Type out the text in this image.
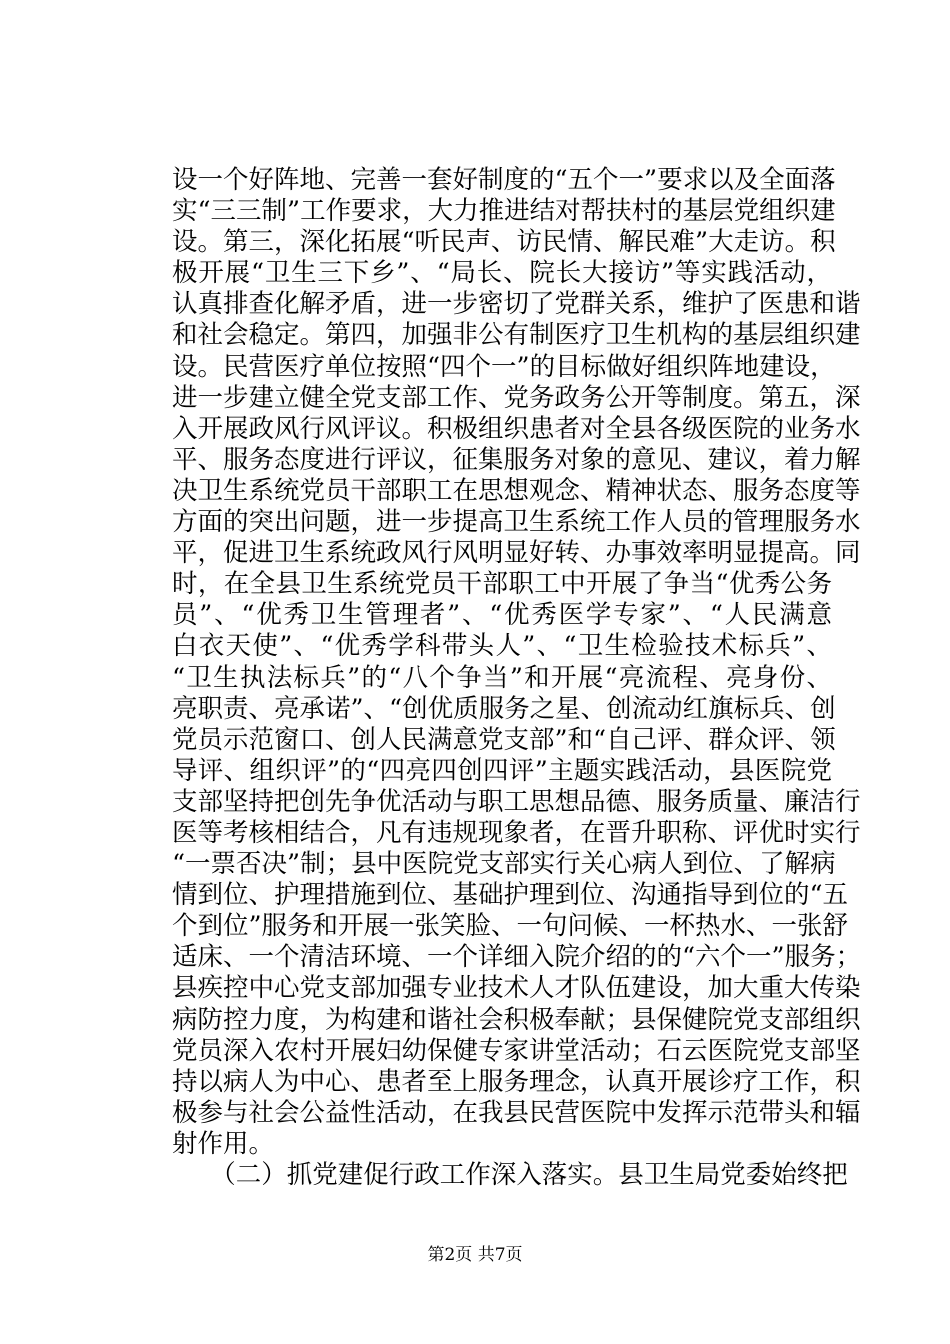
设一个好阵地、完善一套好制度的“五个一”要求以及全面落
实“三三制”工作要求，大力推进结对帮扶村的基层党组织建
设。第三，深化拓展“听民声、访民情、解民难”大走访。积
极开展“卫生三下乡”、“局长、院长大接访”等实践活动，
认真排查化解矛盾，进一步密切了党群关系，维护了医患和谐
和社会稳定。第四，加强非公有制医疗卫生机构的基层组织建
设。民营医疗单位按照“四个一”的目标做好组织阵地建设，
进一步建立健全党支部工作、党务政务公开等制度。第五，深
入开展政风行风评议。积极组织患者对全县各级医院的业务水
平、服务态度进行评议，征集服务对象的意见、建议，着力解
决卫生系统党员干部职工在思想观念、精神状态、服务态度等
方面的突出问题，进一步提高卫生系统工作人员的管理服务水
平，促进卫生系统政风行风明显好转、办事效率明显提高。同
时，在全县卫生系统党员干部职工中开展了争当“优秀公务
员”、“优秀卫生管理者”、“优秀医学专家”、“人民满意
白衣天使”、“优秀学科带头人”、“卫生检验技术标兵”、
“卫生执法标兵”的“八个争当”和开展“亮流程、亮身份、
亮职责、亮承诺”、“创优质服务之星、创流动红旗标兵、创
党员示范窗口、创人民满意党支部”和“自己评、群众评、领
导评、组织评”的“四亮四创四评”主题实践活动，县医院党
支部坚持把创先争优活动与职工思想品德、服务质量、廉洁行
医等考核相结合，凡有违规现象者，在晋升职称、评优时实行
“一票否决”制；县中医院党支部实行关心病人到位、了解病
情到位、护理措施到位、基础护理到位、沟通指导到位的“五
个到位”服务和开展一张笑脸、一句问候、一杯热水、一张舒
适床、一个清洁环境、一个详细入院介绍的的“六个一”服务；
县疾控中心党支部加强专业技术人才队伍建设，加大重大传染
病防控力度，为构建和谐社会积极奉献；县保健院党支部组织
党员深入农村开展妇幼保健专家讲堂活动；石云医院党支部坚
持以病人为中心、患者至上服务理念，认真开展诊疗工作，积
极参与社会公益性活动，在我县民营医院中发挥示范带头和辐
射作用。
　　（二）抓党建促行政工作深入落实。县卫生局党委始终把
第2页 共7页
